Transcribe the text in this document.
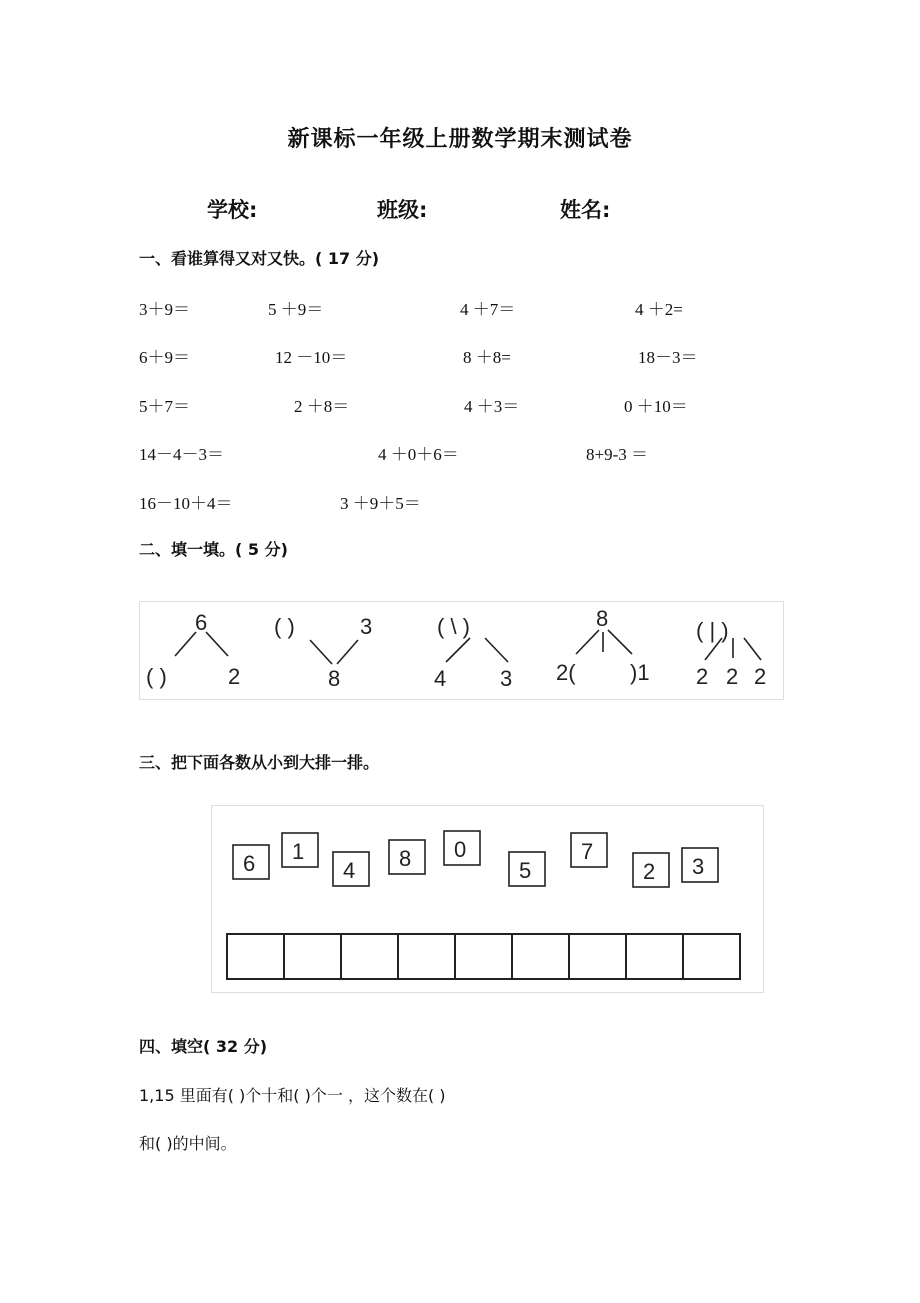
新课标一年级上册数学期末测试卷
学校:	班级:	姓名:
一、看谁算得又对又快。( 17 分)
3＋9＝	5 ＋9＝	4 ＋7＝	4 ＋2=
6＋9＝	12 －10＝	8 ＋8=	18－3＝
5＋7＝	2 ＋8＝	4 ＋3＝	0 ＋10＝
14－4－3＝	4 ＋0＋6＝	8+9-3 ＝
16－10＋4＝	3 ＋9＋5＝
二、填一填。( 5 分)
6
( )	2
( )	3
8
( \ )
4 3
8
2( )1
( | )
2 2 2
三、把下面各数从小到大排一排。
6 1
4 8 0
5
7
2 3
四、填空( 32 分)
1,15 里面有( )个十和( )个一 ，这个数在( )
和( )的中间。
